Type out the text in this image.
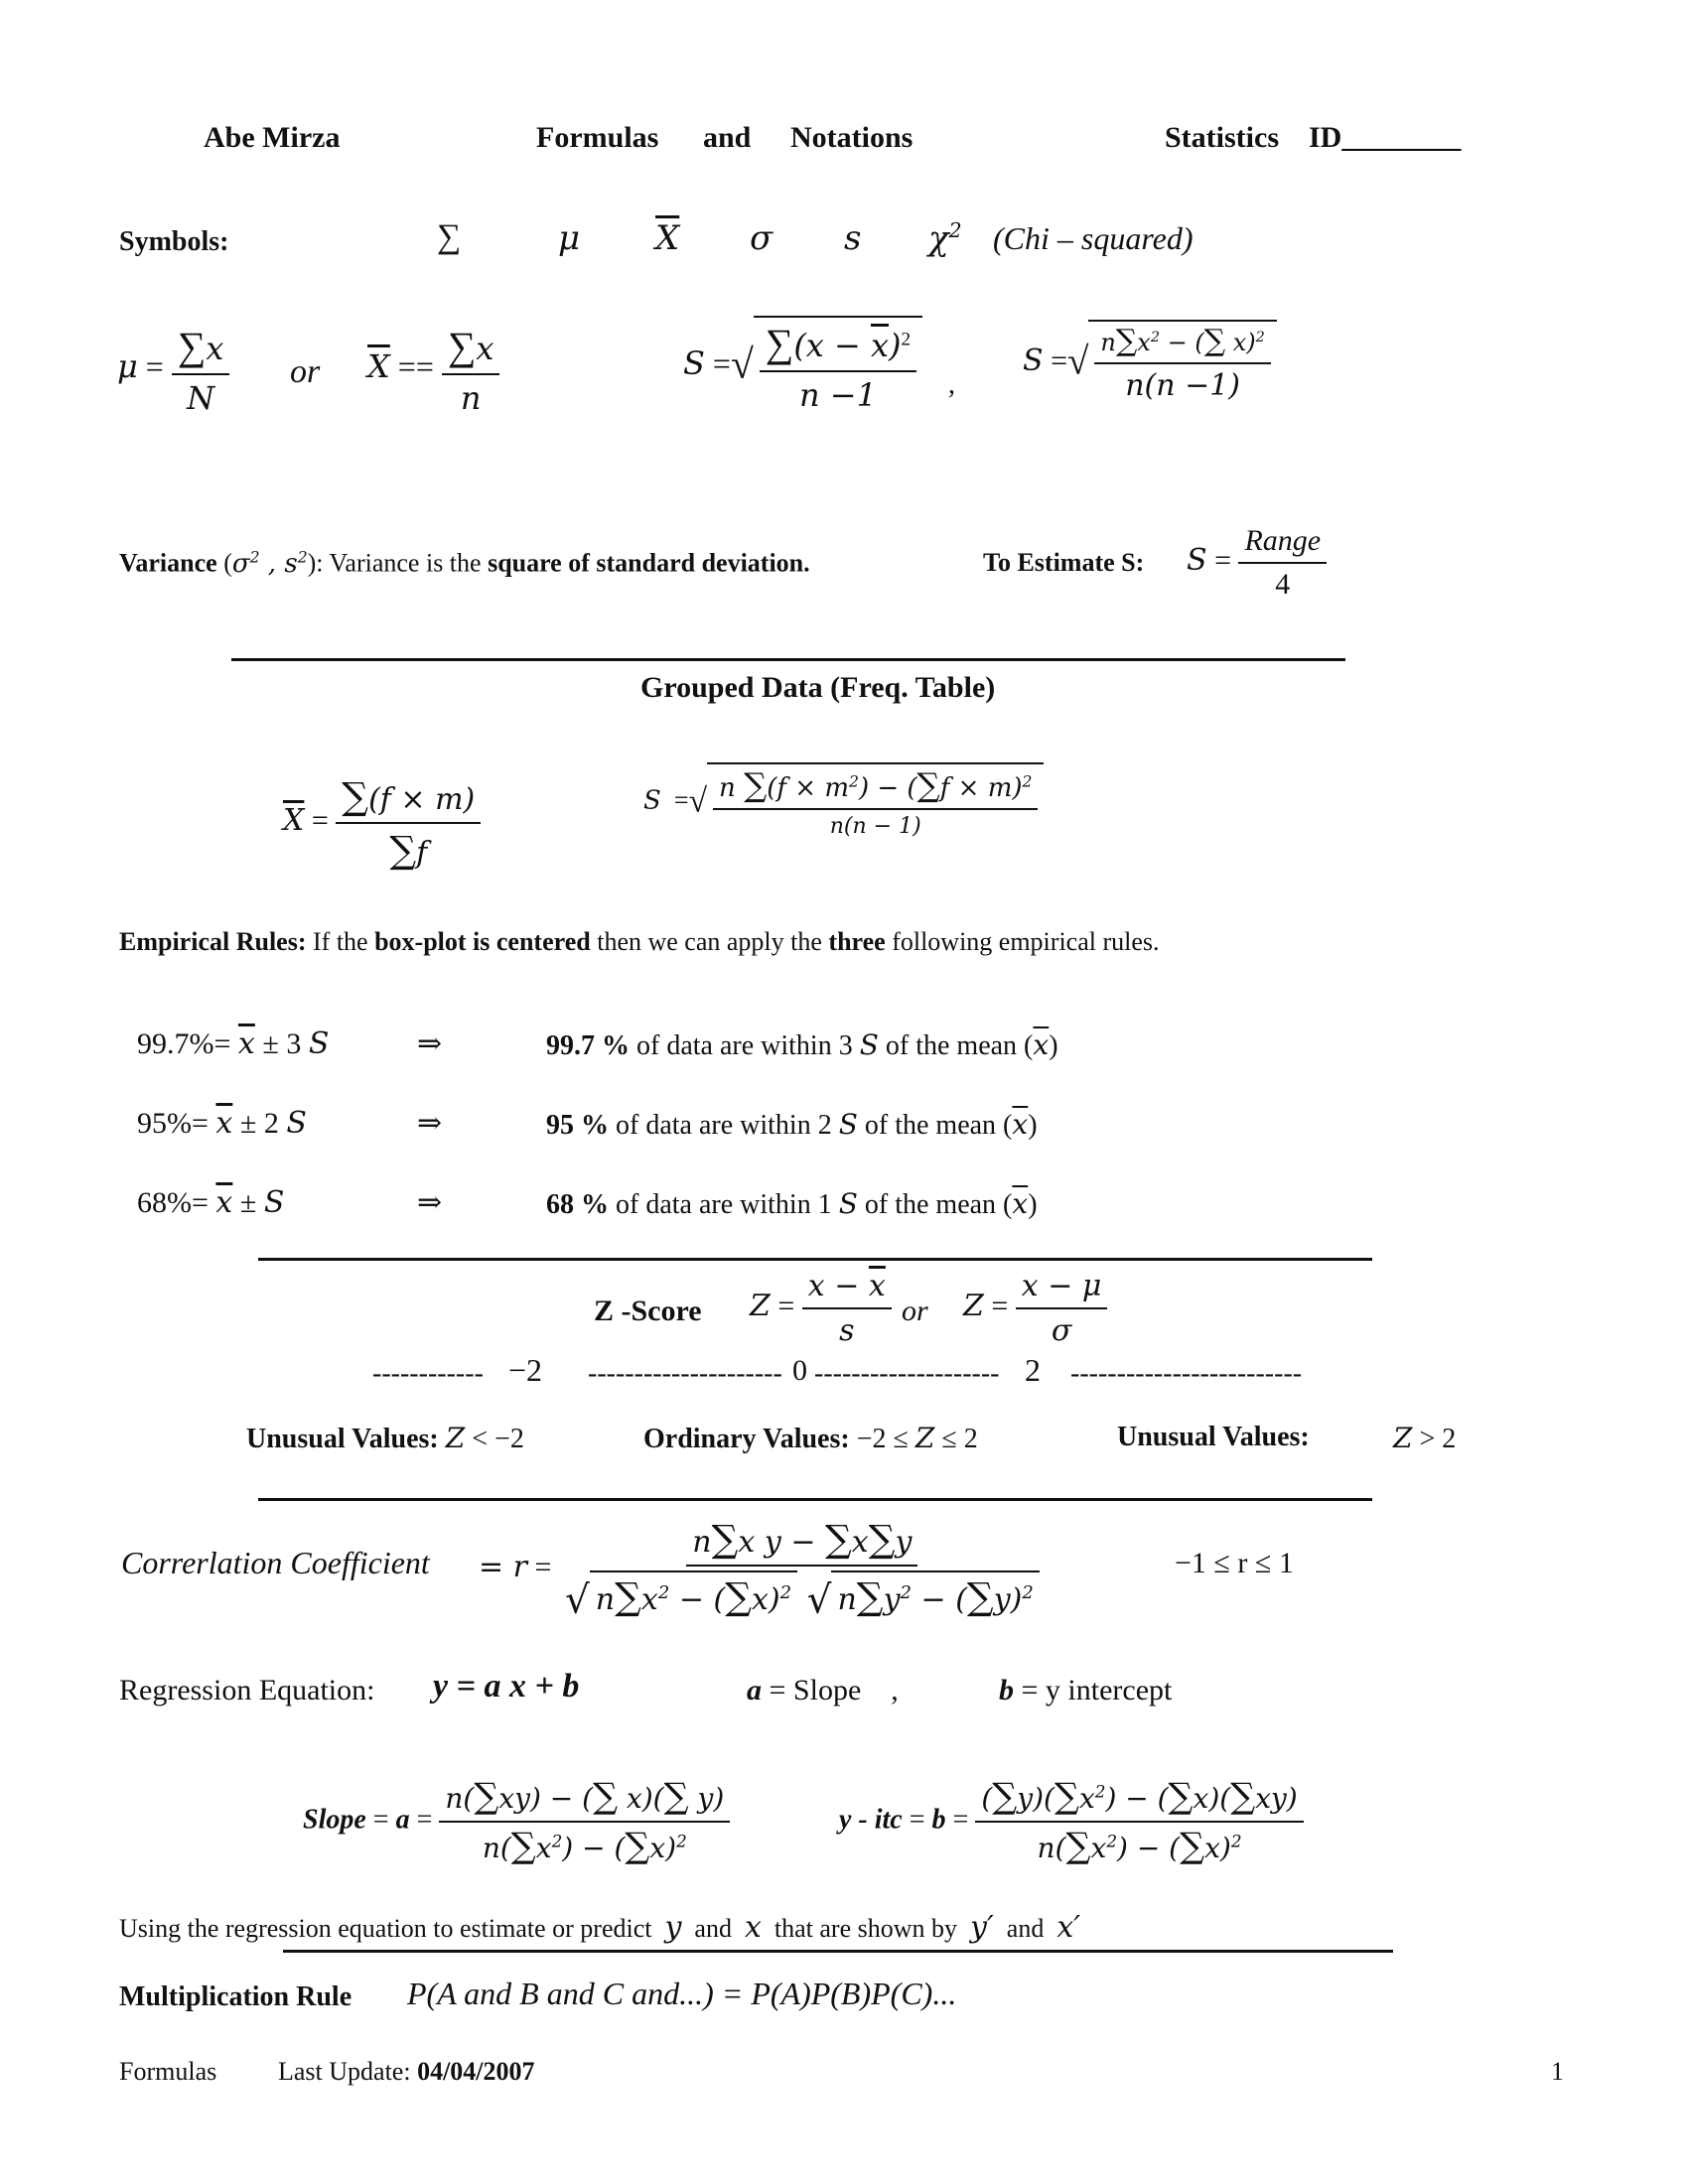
Abe Mirza	Formulas and Notations	Statistics ID________
Symbols:	∑	μ $\overline{X}$ σ s $\chi^2$ (Chi – squared)
$\mu = \frac{\sum x}{N}$ or $\overline{X} == \frac{\sum x}{n}$	S =√ $\frac{\sum(x - \overline{x})^2}{n -1}$ ,
S =√ $\frac{n\sum x^2 - (\sum x)^2}{n(n -1)}$
Variance ($\sigma^2$ , $s^2$): Variance is the square of standard deviation.	To Estimate S: $S = \frac{\text{Range}}{4}$
Grouped Data (Freq. Table)
$\overline{X} = \frac{\sum(f \times m)}{\sum f}$	S  =√ $\frac{n \sum(f \times m^2) - (\sum f \times m)^2}{n(n - 1)}$
Empirical Rules: If the box-plot is centered then we can apply the three following empirical rules.
$99.7\%= \overline{x} \pm 3$ S	⇒	99.7 % of data are within 3 S of the mean $(\overline{x})$
$95\%= \overline{x} \pm 2$ S	⇒	95 % of data are within 2 S of the mean $(\overline{x})$
$68\%= \overline{x} \pm S$	⇒	68 % of data are within 1 S of the mean $(\overline{x})$
Z -Score $Z = \frac{x - \overline{x}}{s}$ or $Z = \frac{x - \mu}{\sigma}$
------------ −2 --------------------- 0 -------------------- 2 -------------------------
Unusual Values: Z < −2	Ordinary Values: −2 ≤ Z ≤ 2	Unusual Values:	Z > 2
Correrlation Coefficient = $r = \frac{\text{n∑x y − ∑x∑y}}{√ n\sum x^2 - (\sum x)^2 √ n\sum y^2 - (\sum y)^2}$	−1 ≤ r ≤ 1
Regression Equation: y = a x + b	a = Slope    ,	b = y intercept
Slope = $a = \frac{n(\sum xy) - (\sum x)(\sum y)}{n(\sum x^2) - (\sum x)^2}$	y - itc = $b = \frac{(\sum y)(\sum x^2) - (\sum x)(\sum xy)}{n(\sum x^2) - (\sum x)^2}$
Using the regression equation to estimate or predict y and x that are shown by y′ and x′
Multiplication Rule P(A and B and C and...) = P(A)P(B)P(C)...
Formulas Last Update: 04/04/2007	1
